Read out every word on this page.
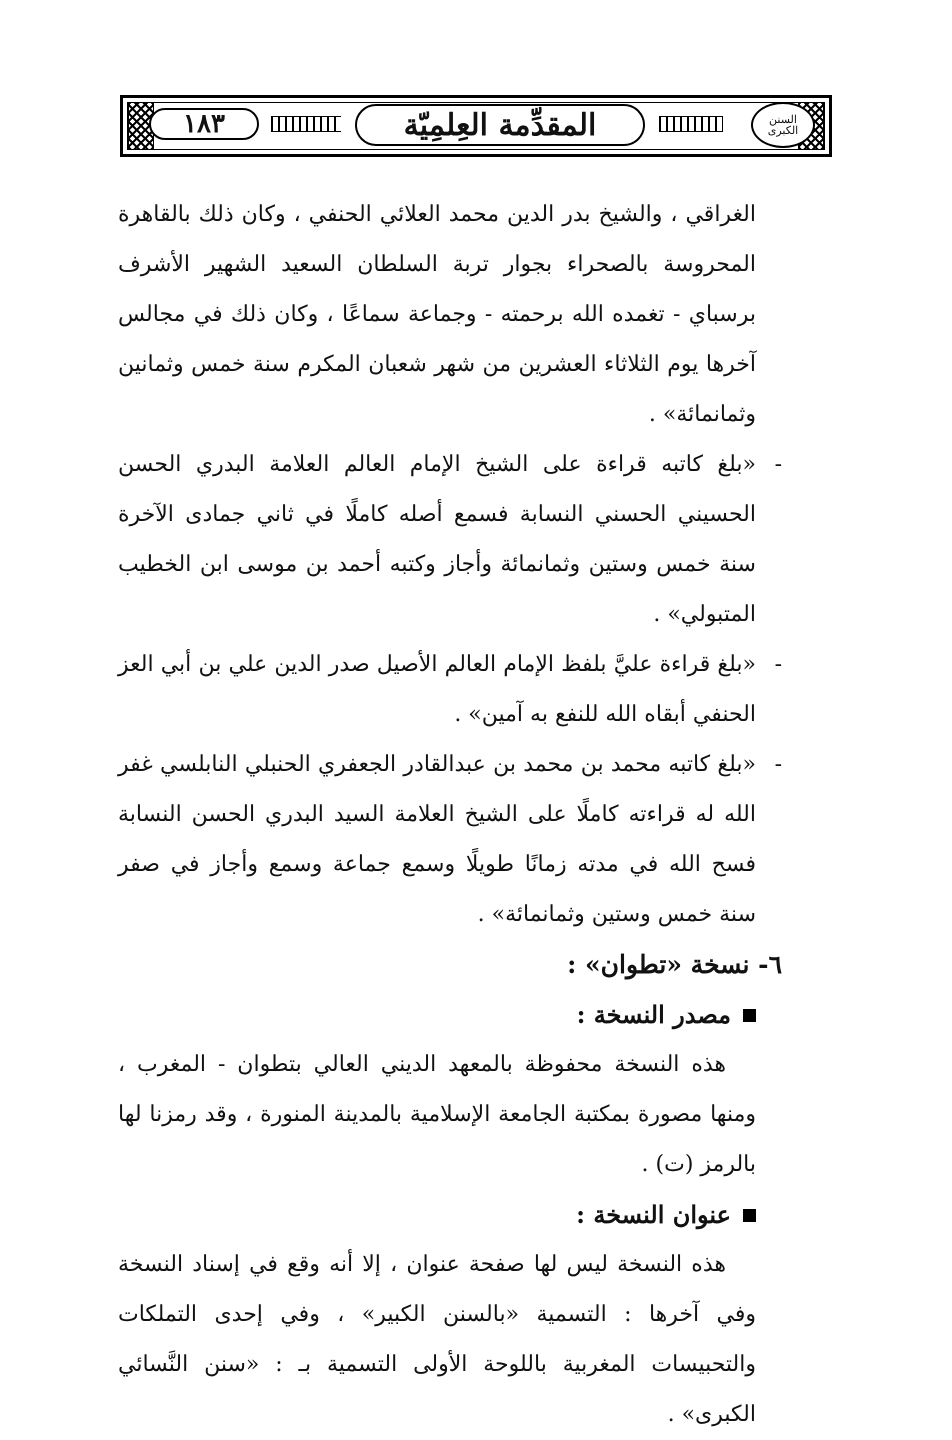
١٨٣	المقدِّمة العِلمِيّة	السنن الكبرى

الغراقي ، والشيخ بدر الدين محمد العلائي الحنفي ، وكان ذلك بالقاهرة المحروسة بالصحراء بجوار تربة السلطان السعيد الشهير الأشرف برسباي - تغمده الله برحمته - وجماعة سماعًا ، وكان ذلك في مجالس آخرها يوم الثلاثاء العشرين من شهر شعبان المكرم سنة خمس وثمانين وثمانمائة» .

-
«بلغ كاتبه قراءة على الشيخ الإمام العالم العلامة البدري الحسن الحسيني الحسني النسابة فسمع أصله كاملًا في ثاني جمادى الآخرة سنة خمس وستين وثمانمائة وأجاز وكتبه أحمد بن موسى ابن الخطيب المتبولي» .

-
«بلغ قراءة عليَّ بلفظ الإمام العالم الأصيل صدر الدين علي بن أبي العز الحنفي أبقاه الله للنفع به آمين» .

-
«بلغ كاتبه محمد بن محمد بن عبدالقادر الجعفري الحنبلي النابلسي غفر الله له قراءته كاملًا على الشيخ العلامة السيد البدري الحسن النسابة فسح الله في مدته زمانًا طويلًا وسمع جماعة وسمع وأجاز في صفر سنة خمس وستين وثمانمائة» .

٦- نسخة «تطوان» :

مصدر النسخة :

هذه النسخة محفوظة بالمعهد الديني العالي بتطوان - المغرب ، ومنها مصورة بمكتبة الجامعة الإسلامية بالمدينة المنورة ، وقد رمزنا لها بالرمز (ت) .

عنوان النسخة :

هذه النسخة ليس لها صفحة عنوان ، إلا أنه وقع في إسناد النسخة وفي آخرها : التسمية «بالسنن الكبير» ، وفي إحدى التملكات والتحبيسات المغربية باللوحة الأولى التسمية بـ : «سنن النَّسائي الكبرى» .
